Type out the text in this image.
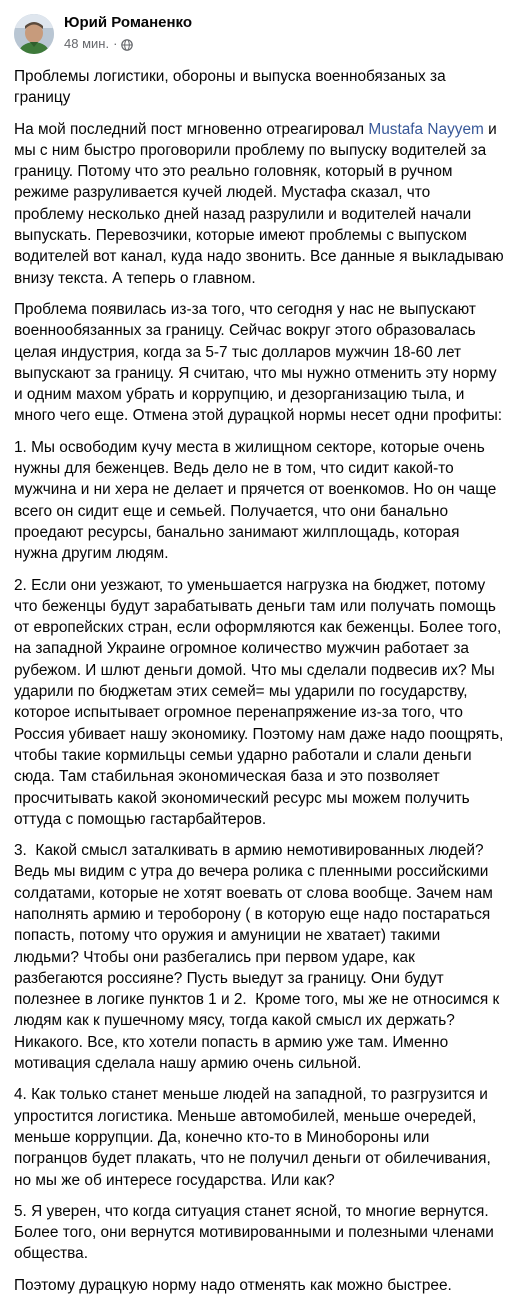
Юрий Романенко
48 мин. ·

Проблемы логистики, обороны и выпуска военнобязаных за границу

На мой последний пост мгновенно отреагировал Mustafa Nayyem и мы с ним быстро проговорили проблему по выпуску водителей за границу. Потому что это реально головняк, который в ручном режиме разруливается кучей людей. Мустафа сказал, что проблему несколько дней назад разрулили и водителей начали выпускать. Перевозчики, которые имеют проблемы с выпуском водителей вот канал, куда надо звонить. Все данные я выкладываю внизу текста. А теперь о главном.

Проблема появилась из-за того, что сегодня у нас не выпускают военнообязанных за границу. Сейчас вокруг этого образовалась целая индустрия, когда за 5-7 тыс долларов мужчин 18-60 лет выпускают за границу. Я считаю, что мы нужно отменить эту норму и одним махом убрать и коррупцию, и дезорганизацию тыла, и много чего еще. Отмена этой дурацкой нормы несет одни профиты:

1. Мы освободим кучу места в жилищном секторе, которые очень нужны для беженцев. Ведь дело не в том, что сидит какой-то мужчина и ни хера не делает и прячется от военкомов. Но он чаще всего он сидит еще и семьей. Получается, что они банально проедают ресурсы, банально занимают жилплощадь, которая нужна другим людям.

2. Если они уезжают, то уменьшается нагрузка на бюджет, потому что беженцы будут зарабатывать деньги там или получать помощь от европейских стран, если оформляются как беженцы. Более того, на западной Украине огромное количество мужчин работает за рубежом. И шлют деньги домой. Что мы сделали подвесив их? Мы ударили по бюджетам этих семей= мы ударили по государству, которое испытывает огромное перенапряжение из-за того, что Россия убивает нашу экономику. Поэтому нам даже надо поощрять, чтобы такие кормильцы семьи ударно работали и слали деньги сюда. Там стабильная экономическая база и это позволяет просчитывать какой экономический ресурс мы можем получить оттуда с помощью гастарбайтеров.

3.  Какой смысл заталкивать в армию немотивированных людей? Ведь мы видим с утра до вечера ролика с пленными российскими солдатами, которые не хотят воевать от слова вообще. Зачем нам наполнять армию и тероборону ( в которую еще надо постараться попасть, потому что оружия и амуниции не хватает) такими людьми? Чтобы они разбегались при первом ударе, как разбегаются россияне? Пусть выедут за границу. Они будут полезнее в логике пунктов 1 и 2.  Кроме того, мы же не относимся к людям как к пушечному мясу, тогда какой смысл их держать? Никакого. Все, кто хотели попасть в армию уже там. Именно мотивация сделала нашу армию очень сильной.

4. Как только станет меньше людей на западной, то разгрузится и упростится логистика. Меньше автомобилей, меньше очередей, меньше коррупции. Да, конечно кто-то в Минобороны или погранцов будет плакать, что не получил деньги от обилечивания, но мы же об интересе государства. Или как?

5. Я уверен, что когда ситуация станет ясной, то многие вернутся. Более того, они вернутся мотивированными и полезными членами общества.

Поэтому дурацкую норму надо отменять как можно быстрее.
